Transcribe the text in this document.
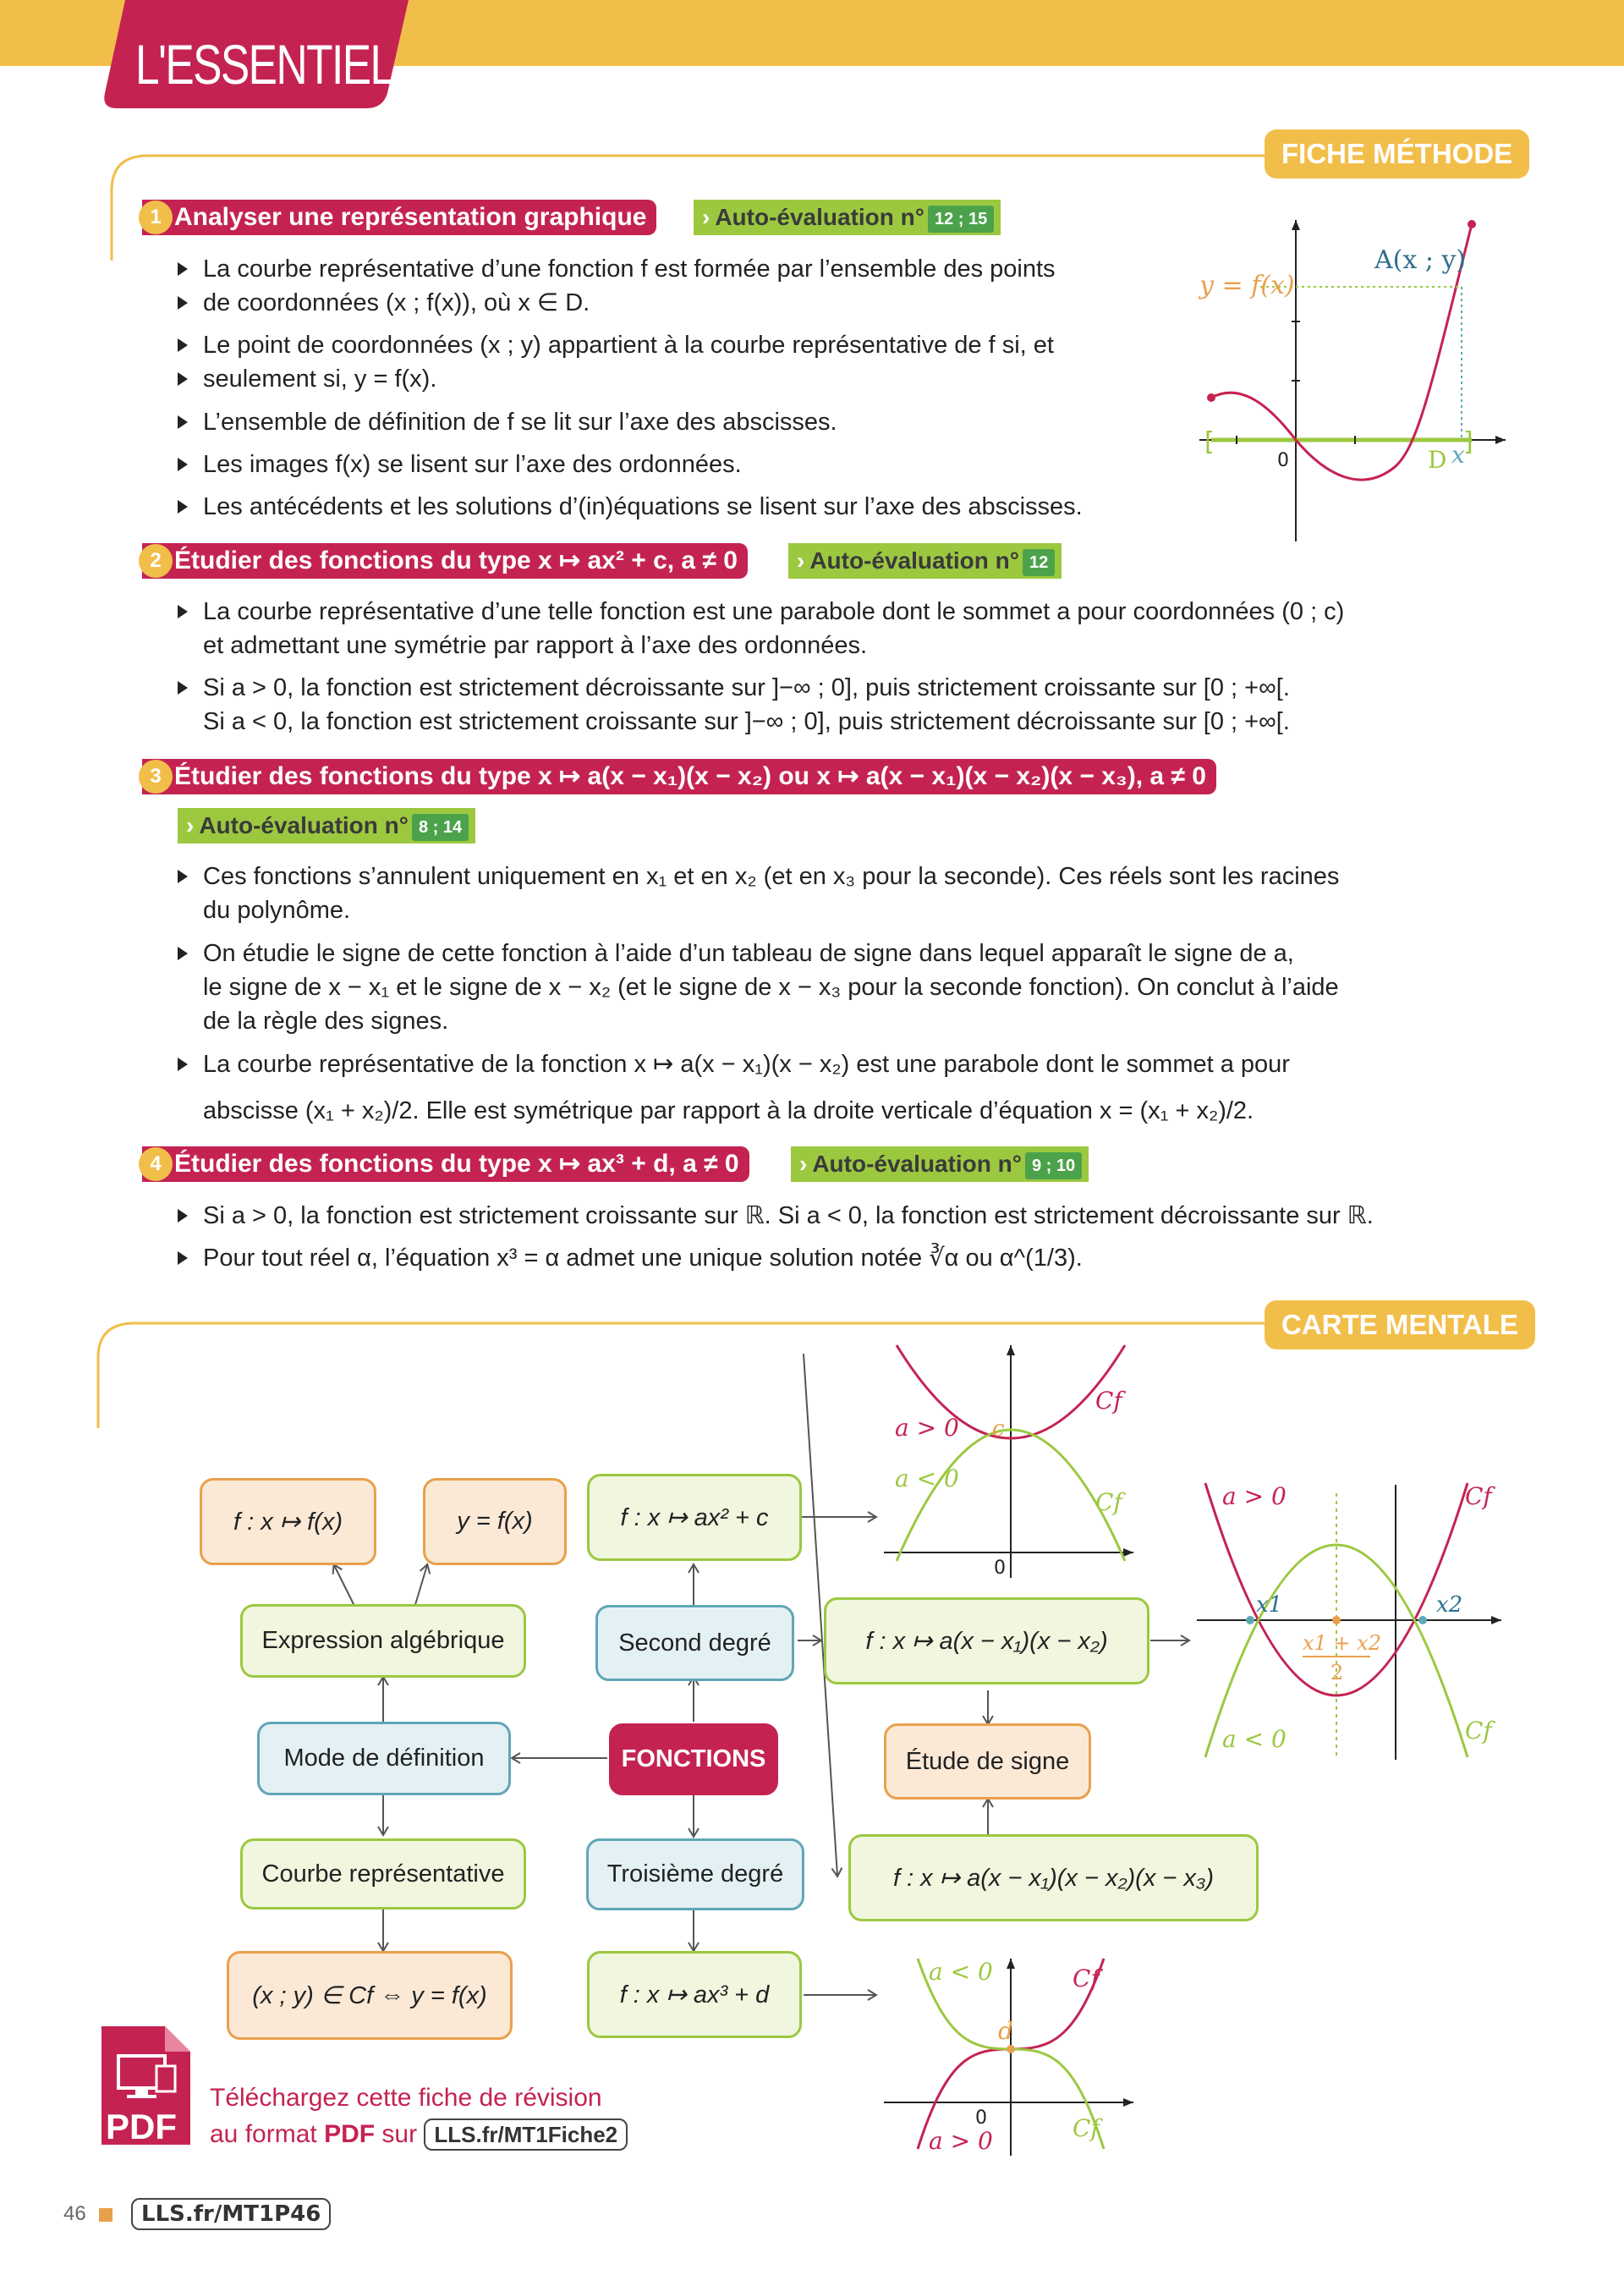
L'ESSENTIEL
FICHE MÉTHODE
Analyser une représentation graphique
1	› Auto-évaluation n° 12 ; 15
La courbe représentative d’une fonction f est formée par l’ensemble des points
de coordonnées (x ; f(x)), où x ∈ D.
Le point de coordonnées (x ; y) appartient à la courbe représentative de f si, et
seulement si, y = f(x).
L’ensemble de définition de f se lit sur l’axe des abscisses.
Les images f(x) se lisent sur l’axe des ordonnées.
Les antécédents et les solutions d’(in)équations se lisent sur l’axe des abscisses.
[	]
y = f(x)
A(x ; y)
0	D x
Étudier des fonctions du type x ↦ ax² + c, a ≠ 0
2	› Auto-évaluation n° 12
La courbe représentative d’une telle fonction est une parabole dont le sommet a pour coordonnées (0 ; c)
et admettant une symétrie par rapport à l’axe des ordonnées.
Si a > 0, la fonction est strictement décroissante sur ]−∞ ; 0], puis strictement croissante sur [0 ; +∞[.
Si a < 0, la fonction est strictement croissante sur ]−∞ ; 0], puis strictement décroissante sur [0 ; +∞[.
Étudier des fonctions du type x ↦ a(x − x₁)(x − x₂) ou x ↦ a(x − x₁)(x − x₂)(x − x₃), a ≠ 0
3
› Auto-évaluation n° 8 ; 14
Ces fonctions s’annulent uniquement en x₁ et en x₂ (et en x₃ pour la seconde). Ces réels sont les racines
du polynôme.
On étudie le signe de cette fonction à l’aide d’un tableau de signe dans lequel apparaît le signe de a,
le signe de x − x₁ et le signe de x − x₂ (et le signe de x − x₃ pour la seconde fonction). On conclut à l’aide
de la règle des signes.
La courbe représentative de la fonction x ↦ a(x − x₁)(x − x₂) est une parabole dont le sommet a pour
abscisse (x₁ + x₂)/2. Elle est symétrique par rapport à la droite verticale d’équation x = (x₁ + x₂)/2.
Étudier des fonctions du type x ↦ ax³ + d, a ≠ 0
4	› Auto-évaluation n° 9 ; 10
Si a > 0, la fonction est strictement croissante sur ℝ. Si a < 0, la fonction est strictement décroissante sur ℝ.
Pour tout réel α, l’équation x³ = α admet une unique solution notée ∛α ou α^(1/3).
CARTE MENTALE
f : x ↦ f(x)	y = f(x)	f : x ↦ ax² + c
Expression algébrique	Second degré	f : x ↦ a(x − x₁)(x − x₂)
Mode de définition	FONCTIONS	Étude de signe
Courbe représentative	Troisième degré	f : x ↦ a(x − x₁)(x − x₂)(x − x₃)
(x ; y) ∈ Cf ⇔ y = f(x)	f : x ↦ ax³ + d
a > 0
a < 0
c
Cf
Cf
0
a > 0
a < 0
x1	x2
x1 + x2
2
Cf
Cf
a < 0
a > 0
d
Cf
Cf
0
PDF
Téléchargez cette fiche de révision
au format PDF sur LLS.fr/MT1Fiche2
46	LLS.fr/MT1P46
